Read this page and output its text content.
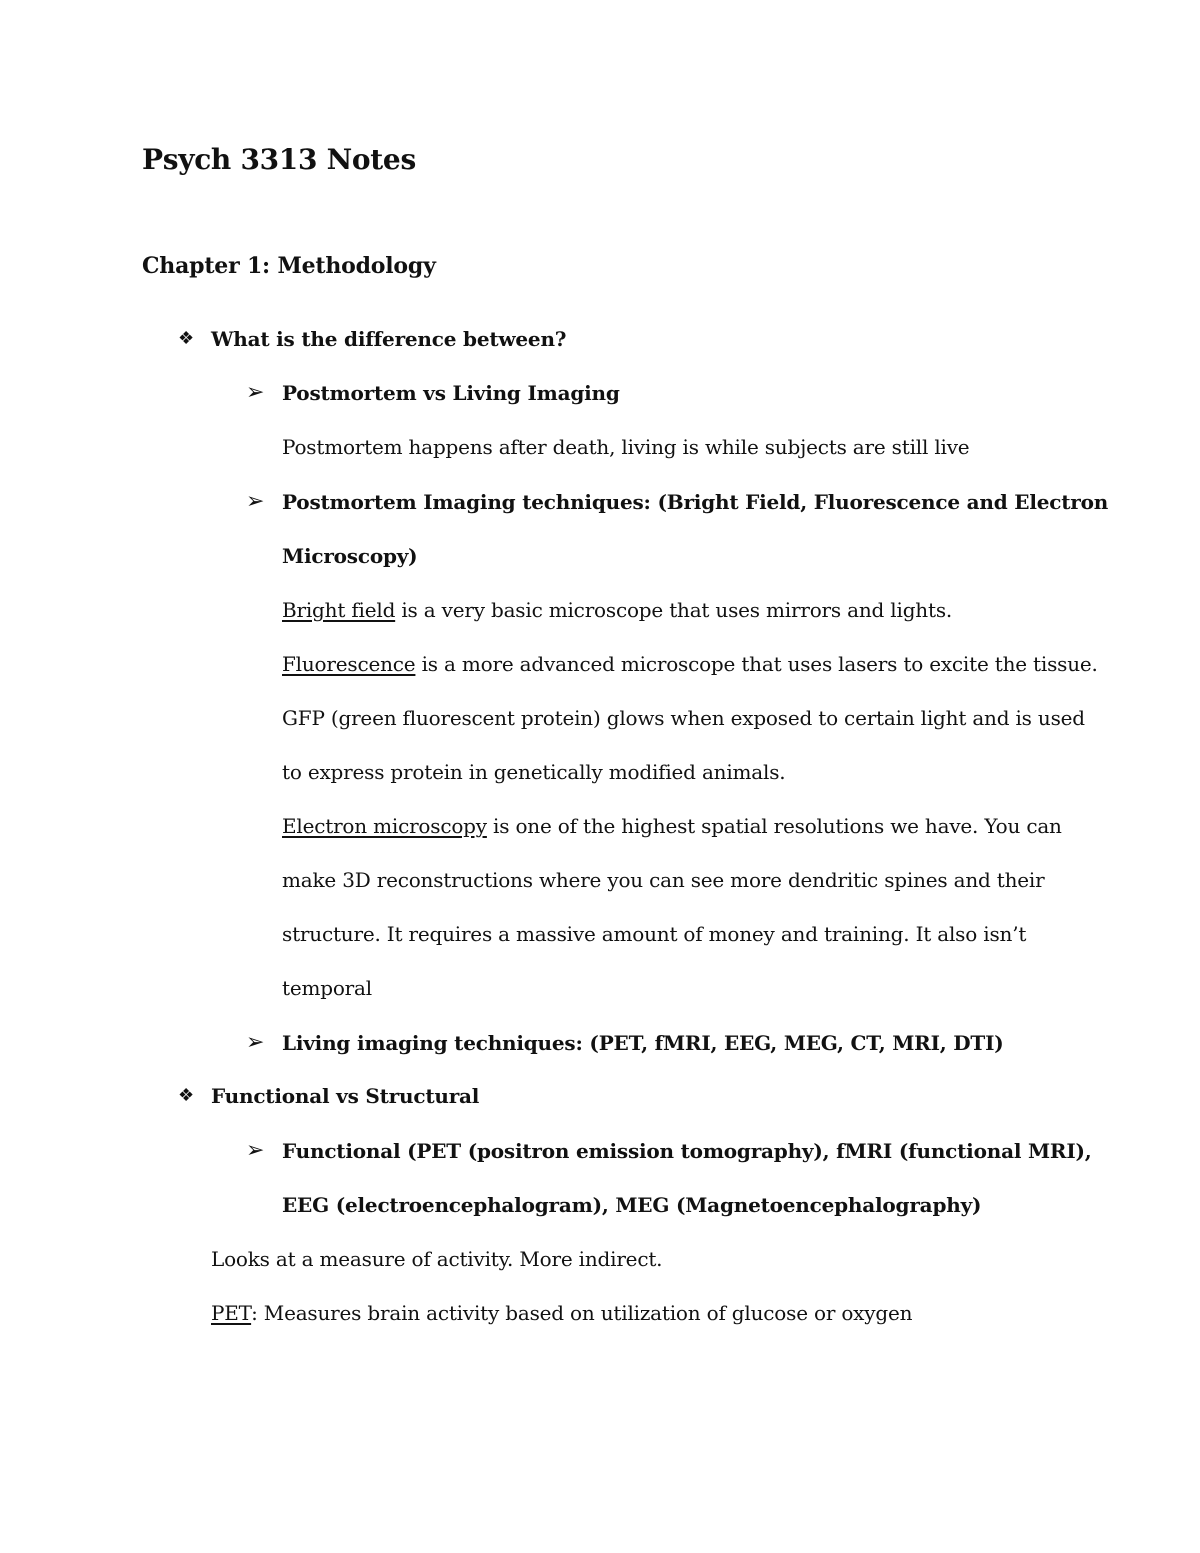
Psych 3313 Notes
Chapter 1: Methodology
❖ What is the difference between?
➢ Postmortem vs Living Imaging
Postmortem happens after death, living is while subjects are still live
➢ Postmortem Imaging techniques: (Bright Field, Fluorescence and Electron
Microscopy)
Bright field is a very basic microscope that uses mirrors and lights.
Fluorescence is a more advanced microscope that uses lasers to excite the tissue.
GFP (green fluorescent protein) glows when exposed to certain light and is used
to express protein in genetically modified animals.
Electron microscopy is one of the highest spatial resolutions we have. You can
make 3D reconstructions where you can see more dendritic spines and their
structure. It requires a massive amount of money and training. It also isn’t
temporal
➢ Living imaging techniques: (PET, fMRI, EEG, MEG, CT, MRI, DTI)
❖ Functional vs Structural
➢ Functional (PET (positron emission tomography), fMRI (functional MRI),
EEG (electroencephalogram), MEG (Magnetoencephalography)
Looks at a measure of activity. More indirect.
PET: Measures brain activity based on utilization of glucose or oxygen
